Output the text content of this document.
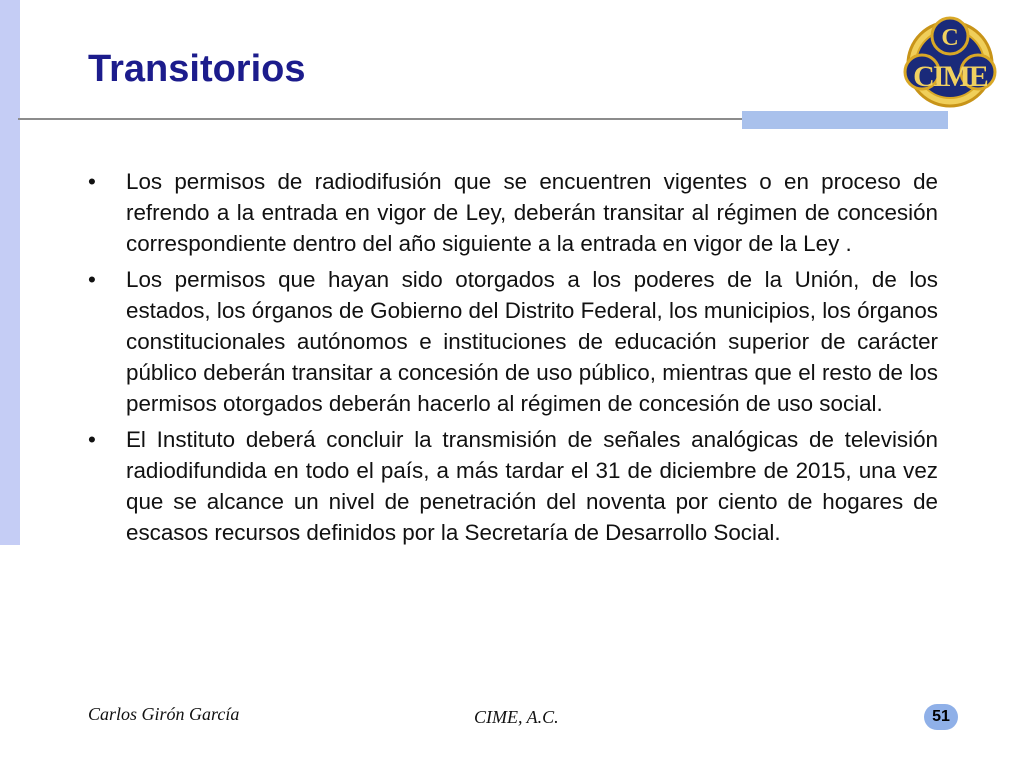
Transitorios
C
CIME
• Los permisos de radiodifusión que se encuentren vigentes o en proceso de refrendo a la entrada en vigor de Ley, deberán transitar al régimen de concesión correspondiente dentro del año siguiente a la entrada en vigor de la Ley .
• Los permisos que hayan sido otorgados a los poderes de la Unión, de los estados, los órganos de Gobierno del Distrito Federal, los municipios, los órganos constitucionales autónomos e instituciones de educación superior de carácter público deberán transitar a concesión de uso público, mientras que el resto de los permisos otorgados deberán hacerlo al régimen de concesión de uso social.
• El Instituto deberá concluir la transmisión de señales analógicas de televisión radiodifundida en todo el país, a más tardar el 31 de diciembre de 2015, una vez que se alcance un nivel de penetración del noventa por ciento de hogares de escasos recursos definidos por la Secretaría de Desarrollo Social.
Carlos Girón García	CIME, A.C.	51
